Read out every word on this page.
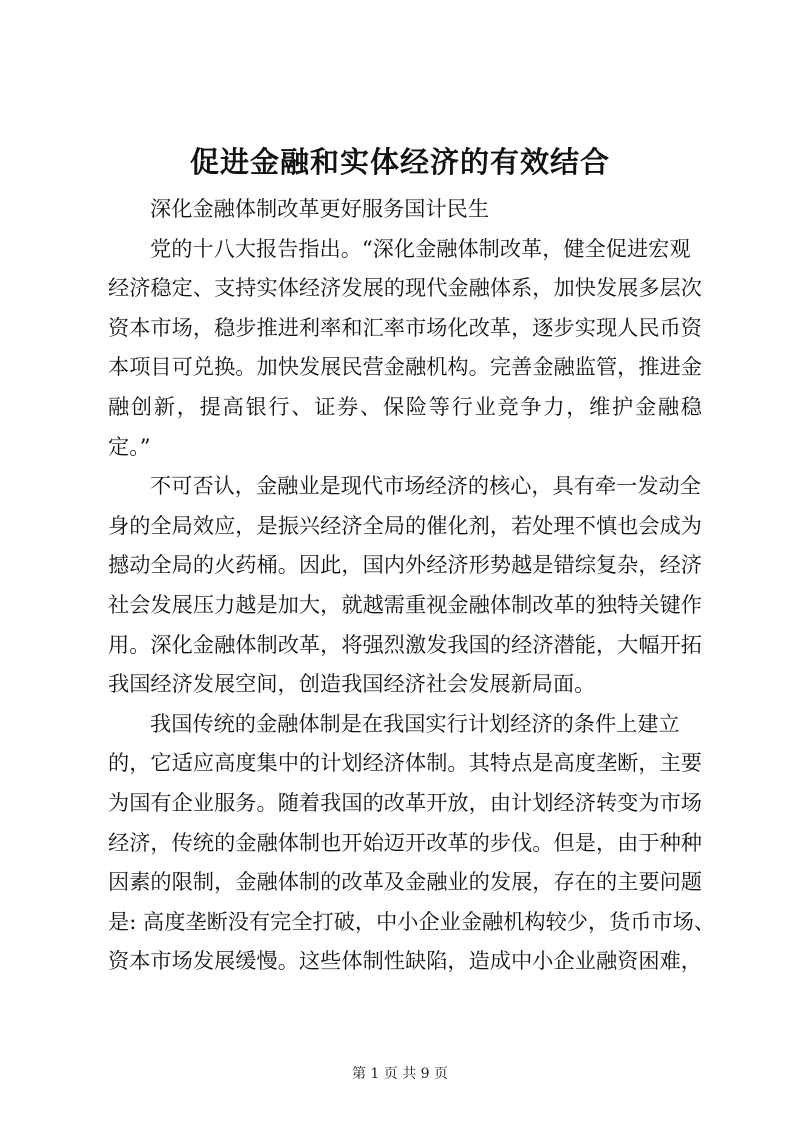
促进金融和实体经济的有效结合
深化金融体制改革更好服务国计民生
党的十八大报告指出。“深化金融体制改革，健全促进宏观
经济稳定、支持实体经济发展的现代金融体系，加快发展多层次
资本市场，稳步推进利率和汇率市场化改革，逐步实现人民币资
本项目可兑换。加快发展民营金融机构。完善金融监管，推进金
融创新，提高银行、证券、保险等行业竞争力，维护金融稳
定。”
不可否认，金融业是现代市场经济的核心，具有牵一发动全
身的全局效应，是振兴经济全局的催化剂，若处理不慎也会成为
撼动全局的火药桶。因此，国内外经济形势越是错综复杂，经济
社会发展压力越是加大，就越需重视金融体制改革的独特关键作
用。深化金融体制改革，将强烈激发我国的经济潜能，大幅开拓
我国经济发展空间，创造我国经济社会发展新局面。
我国传统的金融体制是在我国实行计划经济的条件上建立
的，它适应高度集中的计划经济体制。其特点是高度垄断，主要
为国有企业服务。随着我国的改革开放，由计划经济转变为市场
经济，传统的金融体制也开始迈开改革的步伐。但是，由于种种
因素的限制，金融体制的改革及金融业的发展，存在的主要问题
是: 高度垄断没有完全打破，中小企业金融机构较少，货币市场、
资本市场发展缓慢。这些体制性缺陷，造成中小企业融资困难，
第 1 页 共 9 页
